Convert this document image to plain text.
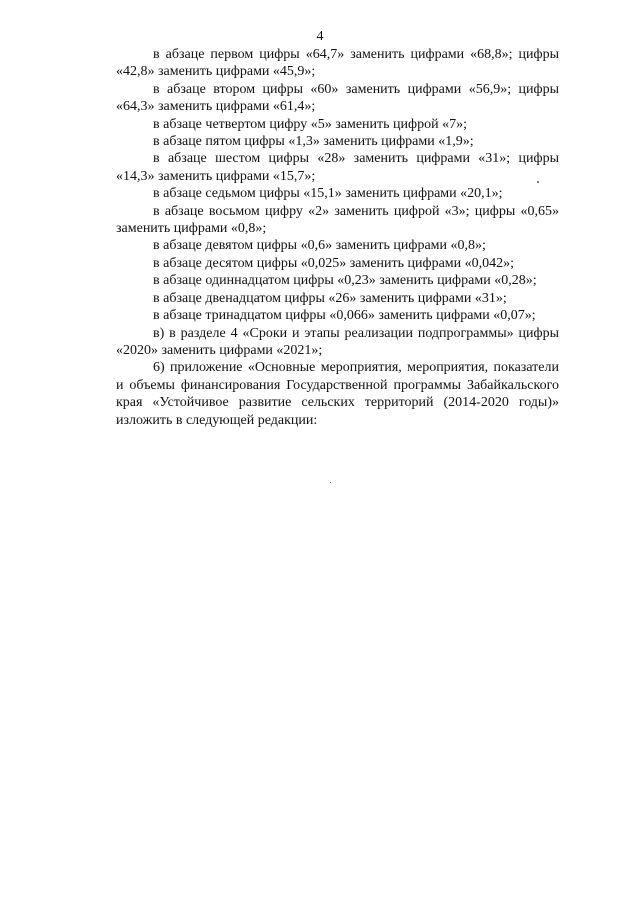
4

в абзаце первом цифры «64,7» заменить цифрами «68,8»; цифры «42,8» заменить цифрами «45,9»;

в абзаце втором цифры «60» заменить цифрами «56,9»; цифры «64,3» заменить цифрами «61,4»;

в абзаце четвертом цифру «5» заменить цифрой «7»;

в абзаце пятом цифры «1,3» заменить цифрами «1,9»;

в абзаце шестом цифры «28» заменить цифрами «31»; цифры «14,3» заменить цифрами «15,7»;

в абзаце седьмом цифры «15,1» заменить цифрами «20,1»;

в абзаце восьмом цифру «2» заменить цифрой «3»; цифры «0,65» заменить цифрами «0,8»;

в абзаце девятом цифры «0,6» заменить цифрами «0,8»;

в абзаце десятом цифры «0,025» заменить цифрами «0,042»;

в абзаце одиннадцатом цифры «0,23» заменить цифрами «0,28»;

в абзаце двенадцатом цифры «26» заменить цифрами «31»;

в абзаце тринадцатом цифры «0,066» заменить цифрами «0,07»;

в) в разделе 4 «Сроки и этапы реализации подпрограммы» цифры «2020» заменить цифрами «2021»;

6) приложение «Основные мероприятия, мероприятия, показатели и объемы финансирования Государственной программы Забайкальского края «Устойчивое развитие сельских территорий (2014-2020 годы)» изложить в следующей редакции:
